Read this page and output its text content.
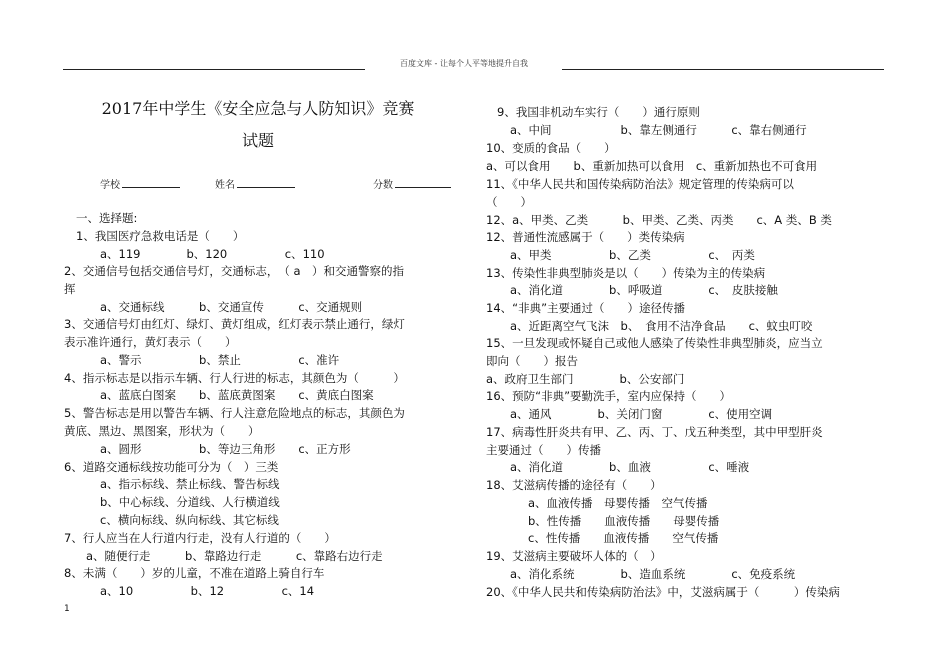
百度文库 - 让每个人平等地提升自我
2017年中学生《安全应急与人防知识》竞赛
试题
学校	姓名	分数
一、选择题:
1、我国医疗急救电话是（　　）
a、119　　　　b、120　　　　　c、110
2、交通信号包括交通信号灯，交通标志，　（ a　）和交通警察的指
挥
a、交通标线　　　b、交通宣传　　　c、交通规则
3、交通信号灯由红灯、绿灯、黄灯组成，红灯表示禁止通行，绿灯
表示准许通行，黄灯表示（　　）
a、警示　　　　　b、禁止　　　　　c、准许
4、指示标志是以指示车辆、行人行进的标志，其颜色为（　　　）
a、蓝底白图案　　b、蓝底黄图案　　c、黄底白图案
5、警告标志是用以警告车辆、行人注意危险地点的标志，其颜色为
黄底、黑边、黑图案，形状为（　　）
a、圆形　　　　　b、等边三角形　　c、正方形
6、道路交通标线按功能可分为（　）三类
a、指示标线、禁止标线、警告标线
b、中心标线、分道线、人行横道线
c、横向标线、纵向标线、其它标线
7、行人应当在人行道内行走，没有人行道的（　　）
a、随便行走　　　b、靠路边行走　　　c、靠路右边行走
8、未满（　　）岁的儿童，不准在道路上骑自行车
a、10　　　　　b、12　　　　　c、14
9、我国非机动车实行（　　）通行原则
a、中间　　　　　　b、靠左侧通行　　　c、靠右侧通行
10、变质的食品（　　）
a、可以食用　　b、重新加热可以食用　c、重新加热也不可食用
11、《中华人民共和国传染病防治法》规定管理的传染病可以
（　　）
12、a、甲类、乙类　　　b、甲类、乙类、丙类　　c、A 类、B 类
12、普通性流感属于（　　）类传染病
a、甲类　　　　　b、乙类　　　　　c、　丙类
13、传染性非典型肺炎是以（　　）传染为主的传染病
a、消化道　　　　b、呼吸道　　　　c、　皮肤接触
14、“非典”主要通过（　　）途径传播
a、近距离空气飞沫　b、　食用不洁净食品　　c、蚊虫叮咬
15、一旦发现或怀疑自己或他人感染了传染性非典型肺炎，应当立
即向（　　）报告
a、政府卫生部门　　　　b、公安部门
16、预防“非典”要勤洗手，室内应保持（　　）
a、通风　　　　b、关闭门窗　　　　c、使用空调
17、病毒性肝炎共有甲、乙、丙、丁、戊五种类型，其中甲型肝炎
主要通过（　　）传播
a、消化道　　　　b、血液　　　　　c、唾液
18、艾滋病传播的途径有（　　）
a、血液传播　母婴传播　空气传播
b、性传播　　血液传播　　母婴传播
c、性传播　　血液传播　　空气传播
19、艾滋病主要破坏人体的（　）
a、消化系统　　　　b、造血系统　　　　c、免疫系统
20、《中华人民共和传染病防治法》中，艾滋病属于（　　　）传染病
1
